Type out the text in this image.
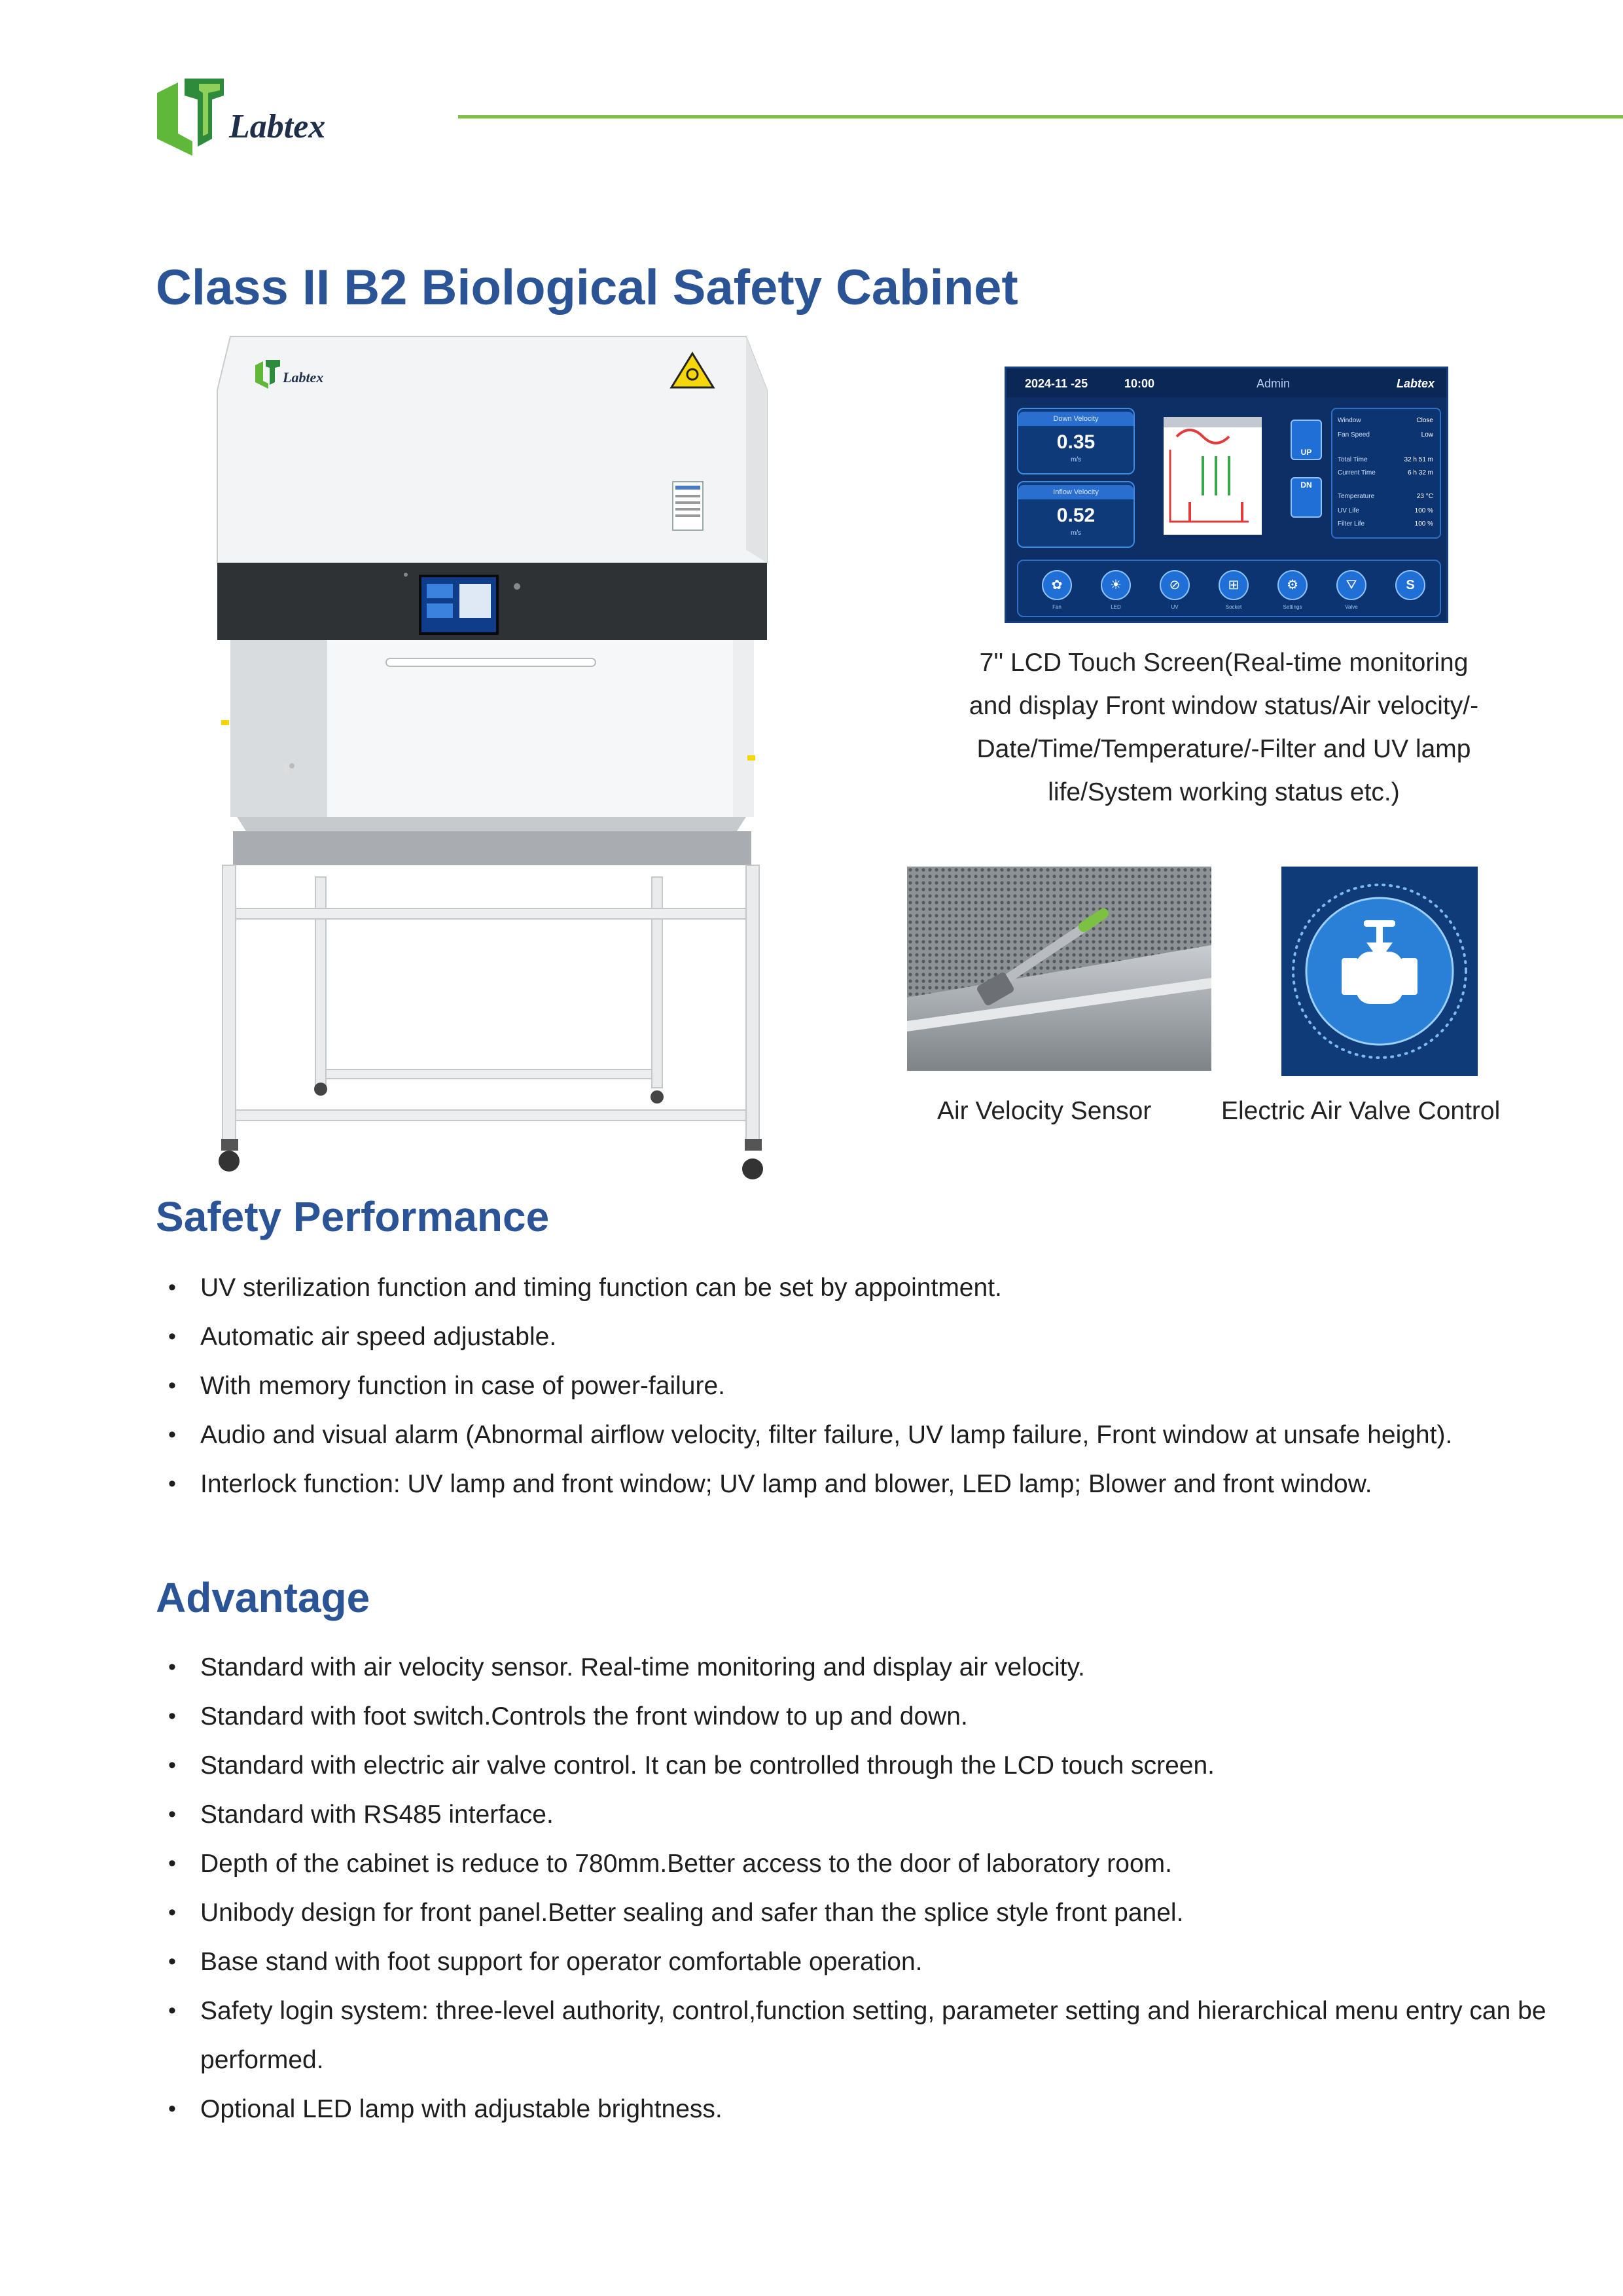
Labtex
Class II B2 Biological Safety Cabinet
Labtex	2024-11 -25	10:00	Admin	Labtex
Down Velocity
0.35
m/s
Inflow Velocity
0.52
m/s
UP
DN
Window	Close
Fan Speed	Low
Total Time	32 h 51 m
Current Time	6 h 32 m
Temperature	23 °C
UV Life	100 %
Filter Life	100 %
✿
Fan
☀
LED
⊘
UV
⊞
Socket
⚙
Settings
⛛
Valve
S
7'' LCD Touch Screen(Real-time monitoring
and display Front window status/Air velocity/-
Date/Time/Temperature/-Filter and UV lamp
life/System working status etc.)
Air Velocity Sensor	Electric Air Valve Control
Safety Performance
• UV sterilization function and timing function can be set by appointment.
• Automatic air speed adjustable.
• With memory function in case of power-failure.
• Audio and visual alarm (Abnormal airflow velocity, filter failure, UV lamp failure, Front window at unsafe height).
• Interlock function: UV lamp and front window; UV lamp and blower, LED lamp; Blower and front window.
Advantage
• Standard with air velocity sensor. Real-time monitoring and display air velocity.
• Standard with foot switch.Controls the front window to up and down.
• Standard with electric air valve control. It can be controlled through the LCD touch screen.
• Standard with RS485 interface.
• Depth of the cabinet is reduce to 780mm.Better access to the door of laboratory room.
• Unibody design for front panel.Better sealing and safer than the splice style front panel.
• Base stand with foot support for operator comfortable operation.
• Safety login system: three-level authority, control,function setting, parameter setting and hierarchical menu entry can be performed.
• Optional LED lamp with adjustable brightness.
